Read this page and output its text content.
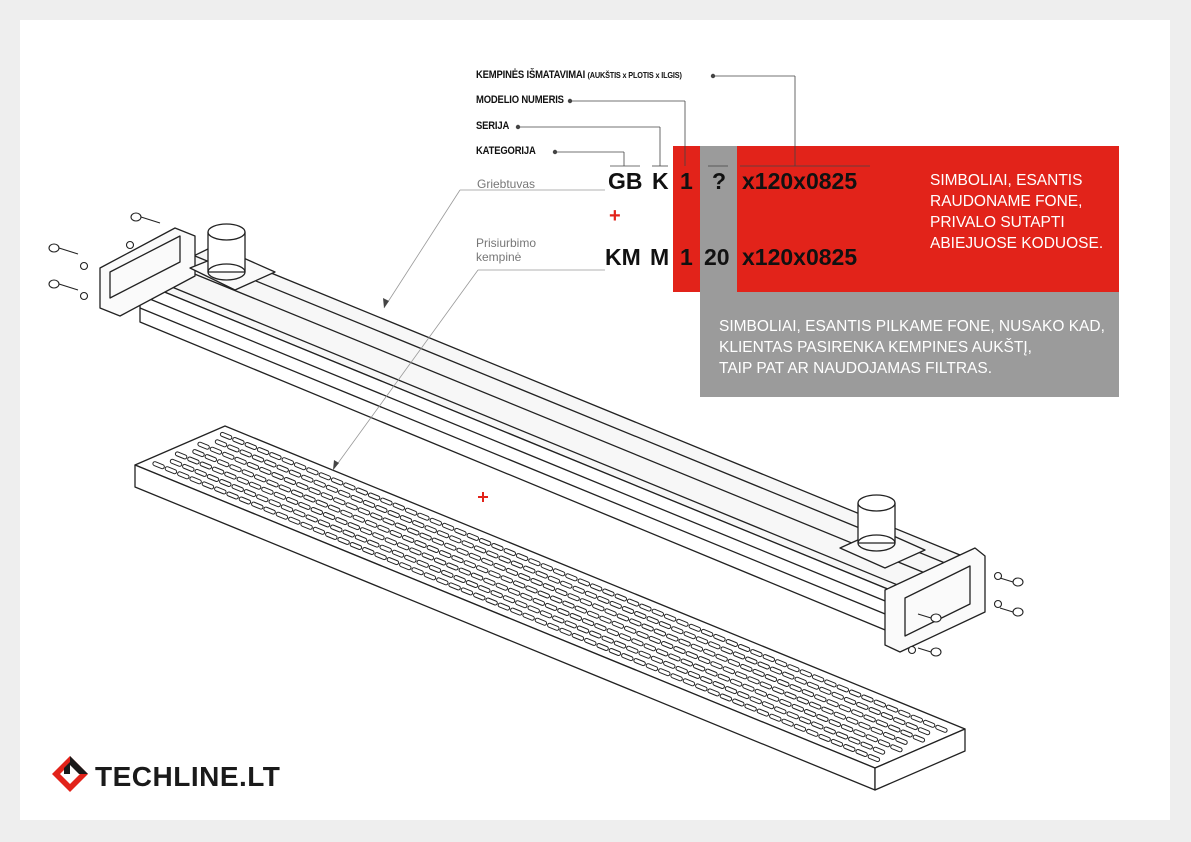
KEMPINĖS IŠMATAVIMAI (AUKŠTIS x PLOTIS x ILGIS)
MODELIO NUMERIS
SERIJA
KATEGORIJA
Griebtuvas
Prisiurbimo
kempinė
GB K 1 ? x120x0825
+
KM M 1 20 x120x0825
SIMBOLIAI, ESANTIS
RAUDONAME FONE,
PRIVALO SUTAPTI
ABIEJUOSE KODUOSE.
SIMBOLIAI, ESANTIS PILKAME FONE, NUSAKO KAD,
KLIENTAS PASIRENKA KEMPINES AUKŠTĮ,
TAIP PAT AR NAUDOJAMAS FILTRAS.
TECHLINE.LT
